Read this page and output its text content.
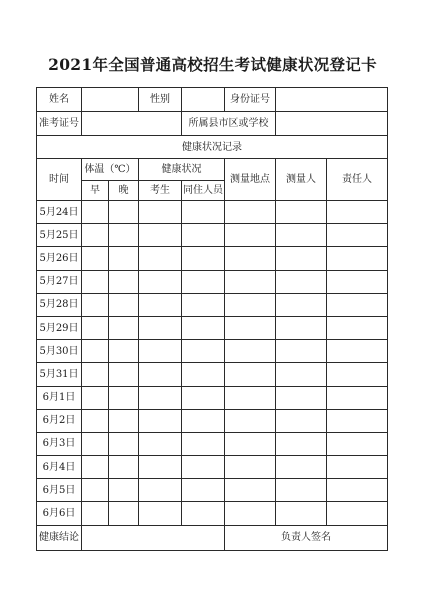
2021年全国普通高校招生考试健康状况登记卡
姓名			性别		身份证号		
准考证号				所属县市区或学校			
健康状况记录							
时间	体温（℃）		健康状况		测量地点	测量人	责任人
	早	晚	考生	同住人员			
5月24日							
5月25日							
5月26日							
5月27日							
5月28日							
5月29日							
5月30日							
5月31日							
6月1日							
6月2日							
6月3日							
6月4日							
6月5日							
6月6日							
健康结论					负责人签名		
